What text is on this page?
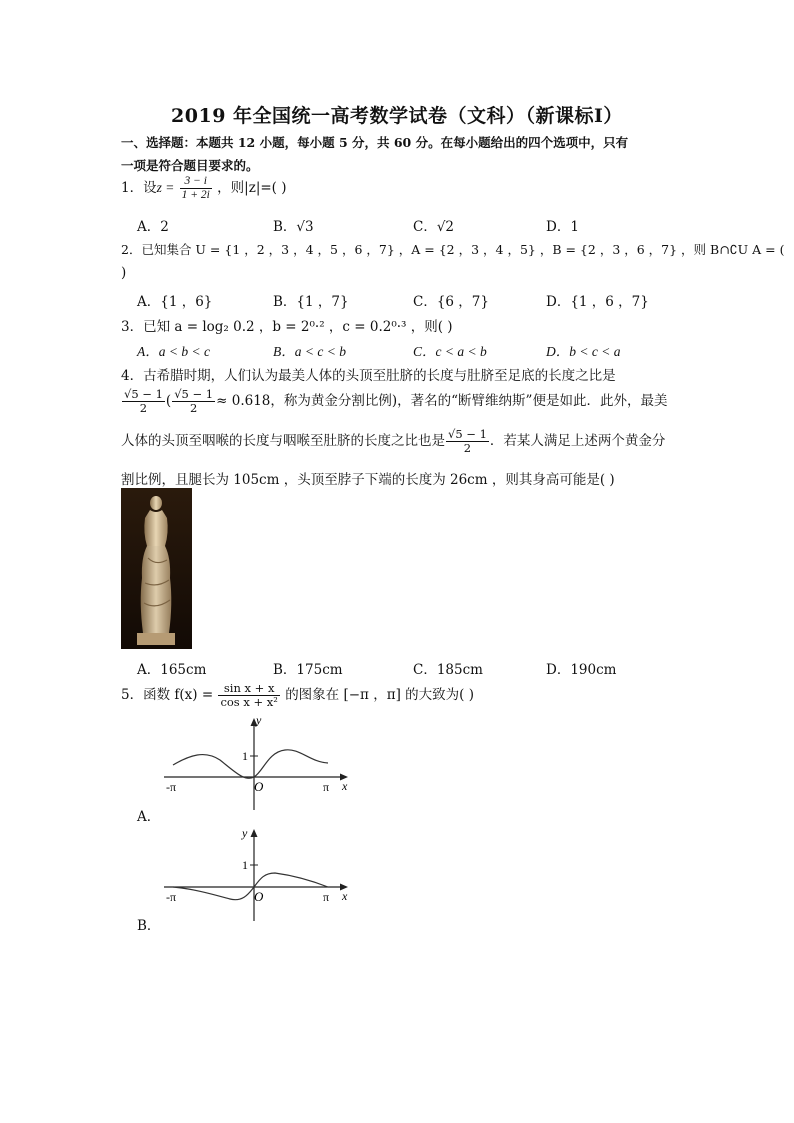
2019 年全国统一高考数学试卷（文科）（新课标Ⅰ）
一、选择题：本题共 12 小题，每小题 5 分，共 60 分。在每小题给出的四个选项中，只有
一项是符合题目要求的。
1．设$z = \frac{3 - i}{1 + 2i}$ ，则|z|=( )
A．2	B．√3	C．√2	D．1
2．已知集合 U = {1 ，2 ，3 ，4 ，5 ，6 ，7} ，A = {2 ，3 ，4 ，5} ，B = {2 ，3 ，6 ，7} ，则 B∩∁U A = (
)
A．{1 ，6}	B．{1 ，7}	C．{6 ，7}	D．{1 ，6 ，7}
3．已知 a = log₂ 0.2 ，b = 2⁰·² ，c = 0.2⁰·³ ，则( )
A．a < b < c	B．a < c < b	C．c < a < b	D．b < c < a
4．古希腊时期，人们认为最美人体的头顶至肚脐的长度与肚脐至足底的长度之比是
$\frac{√5 - 1}{2}$ ( $\frac{√5 - 1}{2} \approx 0.618$，称为黄金分割比例)，著名的“断臂维纳斯”便是如此．此外，最美
人体的头顶至咽喉的长度与咽喉至肚脐的长度之比也是 $\frac{√5 - 1}{2}$ ．若某人满足上述两个黄金分
割比例，且腿长为 105cm ，头顶至脖子下端的长度为 26cm ，则其身高可能是( )
A．165cm	B．175cm	C．185cm	D．190cm
5．函数 $f(x) = \frac{\text{sin x + x}}{\text{cos x + x²}}$ 的图象在 [−π ，π] 的大致为( )
y
x
1
O
-π	π
A．
y
x
1
O
-π	π
B．
